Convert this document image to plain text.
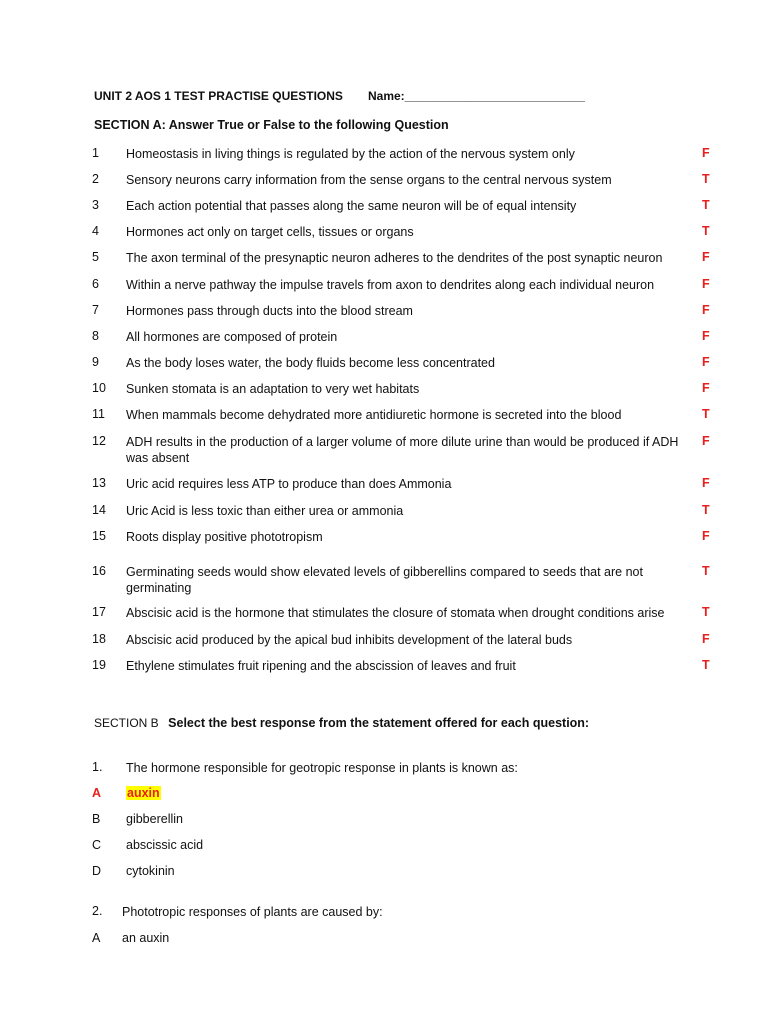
UNIT 2 AOS 1 TEST PRACTISE QUESTIONS Name:___________________________
SECTION A: Answer True or False to the following Question
1 Homeostasis in living things is regulated by the action of the nervous system only	F
2 Sensory neurons carry information from the sense organs to the central nervous system	T
3 Each action potential that passes along the same neuron will be of equal intensity	T
4 Hormones act only on target cells, tissues or organs	T
5 The axon terminal of the presynaptic neuron adheres to the dendrites of the post synaptic neuron	F
6 Within a nerve pathway the impulse travels from axon to dendrites along each individual neuron	F
7 Hormones pass through ducts into the blood stream	F
8 All hormones are composed of protein	F
9 As the body loses water, the body fluids become less concentrated	F
10 Sunken stomata is an adaptation to very wet habitats	F
11 When mammals become dehydrated more antidiuretic hormone is secreted into the blood	T
12 ADH results in the production of a larger volume of more dilute urine than would be produced if ADH was absent
F
13 Uric acid requires less ATP to produce than does Ammonia	F
14 Uric Acid is less toxic than either urea or ammonia	T
15 Roots display positive phototropism	F
16 Germinating seeds would show elevated levels of gibberellins compared to seeds that are not germinating
T
17 Abscisic acid is the hormone that stimulates the closure of stomata when drought conditions arise	T
18 Abscisic acid produced by the apical bud inhibits development of the lateral buds	F
19 Ethylene stimulates fruit ripening and the abscission of leaves and fruit	T
SECTION B Select the best response from the statement offered for each question:
1. The hormone responsible for geotropic response in plants is known as:
A auxin
B gibberellin
C abscissic acid
D cytokinin
2. Phototropic responses of plants are caused by:
A an auxin
